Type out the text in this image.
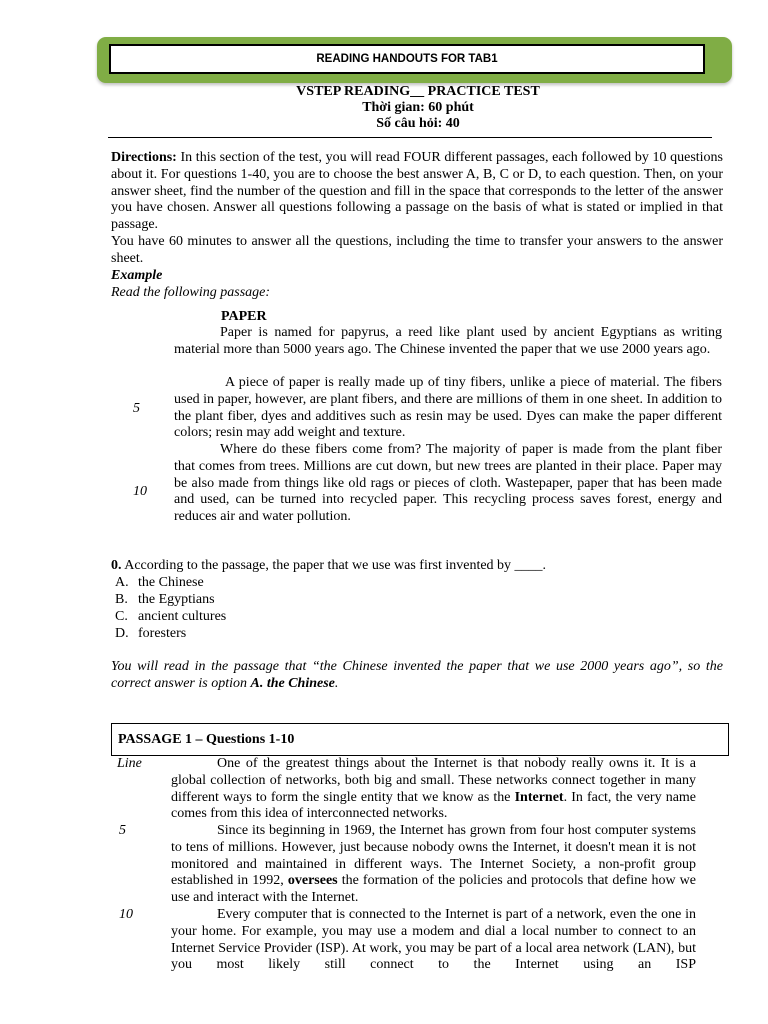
READING HANDOUTS FOR TAB1
VSTEP READING__ PRACTICE TEST
Thời gian: 60 phút
Số câu hỏi: 40
Directions: In this section of the test, you will read FOUR different passages, each followed by 10 questions about it. For questions 1-40, you are to choose the best answer A, B, C or D, to each question. Then, on your answer sheet, find the number of the question and fill in the space that corresponds to the letter of the answer you have chosen. Answer all questions following a passage on the basis of what is stated or implied in that passage.
You have 60 minutes to answer all the questions, including the time to transfer your answers to the answer sheet.
Example
Read the following passage:
PAPER
Paper is named for papyrus, a reed like plant used by ancient Egyptians as writing material more than 5000 years ago. The Chinese invented the paper that we use 2000 years ago.
A piece of paper is really made up of tiny fibers, unlike a piece of material. The fibers used in paper, however, are plant fibers, and there are millions of them in one sheet. In addition to the plant fiber, dyes and additives such as resin may be used. Dyes can make the paper different colors; resin may add weight and texture.
Where do these fibers come from? The majority of paper is made from the plant fiber that comes from trees. Millions are cut down, but new trees are planted in their place. Paper may be also made from things like old rags or pieces of cloth. Wastepaper, paper that has been made and used, can be turned into recycled paper. This recycling process saves forest, energy and reduces air and water pollution.
5
10
0. According to the passage, the paper that we use was first invented by ____.
A. the Chinese
B. the Egyptians
C. ancient cultures
D. foresters
You will read in the passage that “the Chinese invented the paper that we use 2000 years ago”, so the correct answer is option A. the Chinese.
PASSAGE 1 – Questions 1-10
Line
5
10
One of the greatest things about the Internet is that nobody really owns it. It is a global collection of networks, both big and small. These networks connect together in many different ways to form the single entity that we know as the Internet. In fact, the very name comes from this idea of interconnected networks.
Since its beginning in 1969, the Internet has grown from four host computer systems to tens of millions. However, just because nobody owns the Internet, it doesn't mean it is not monitored and maintained in different ways. The Internet Society, a non-profit group established in 1992, oversees the formation of the policies and protocols that define how we use and interact with the Internet.
Every computer that is connected to the Internet is part of a network, even the one in your home. For example, you may use a modem and dial a local number to connect to an Internet Service Provider (ISP). At work, you may be part of a local area network (LAN), but you most likely still connect to the Internet using an ISP
